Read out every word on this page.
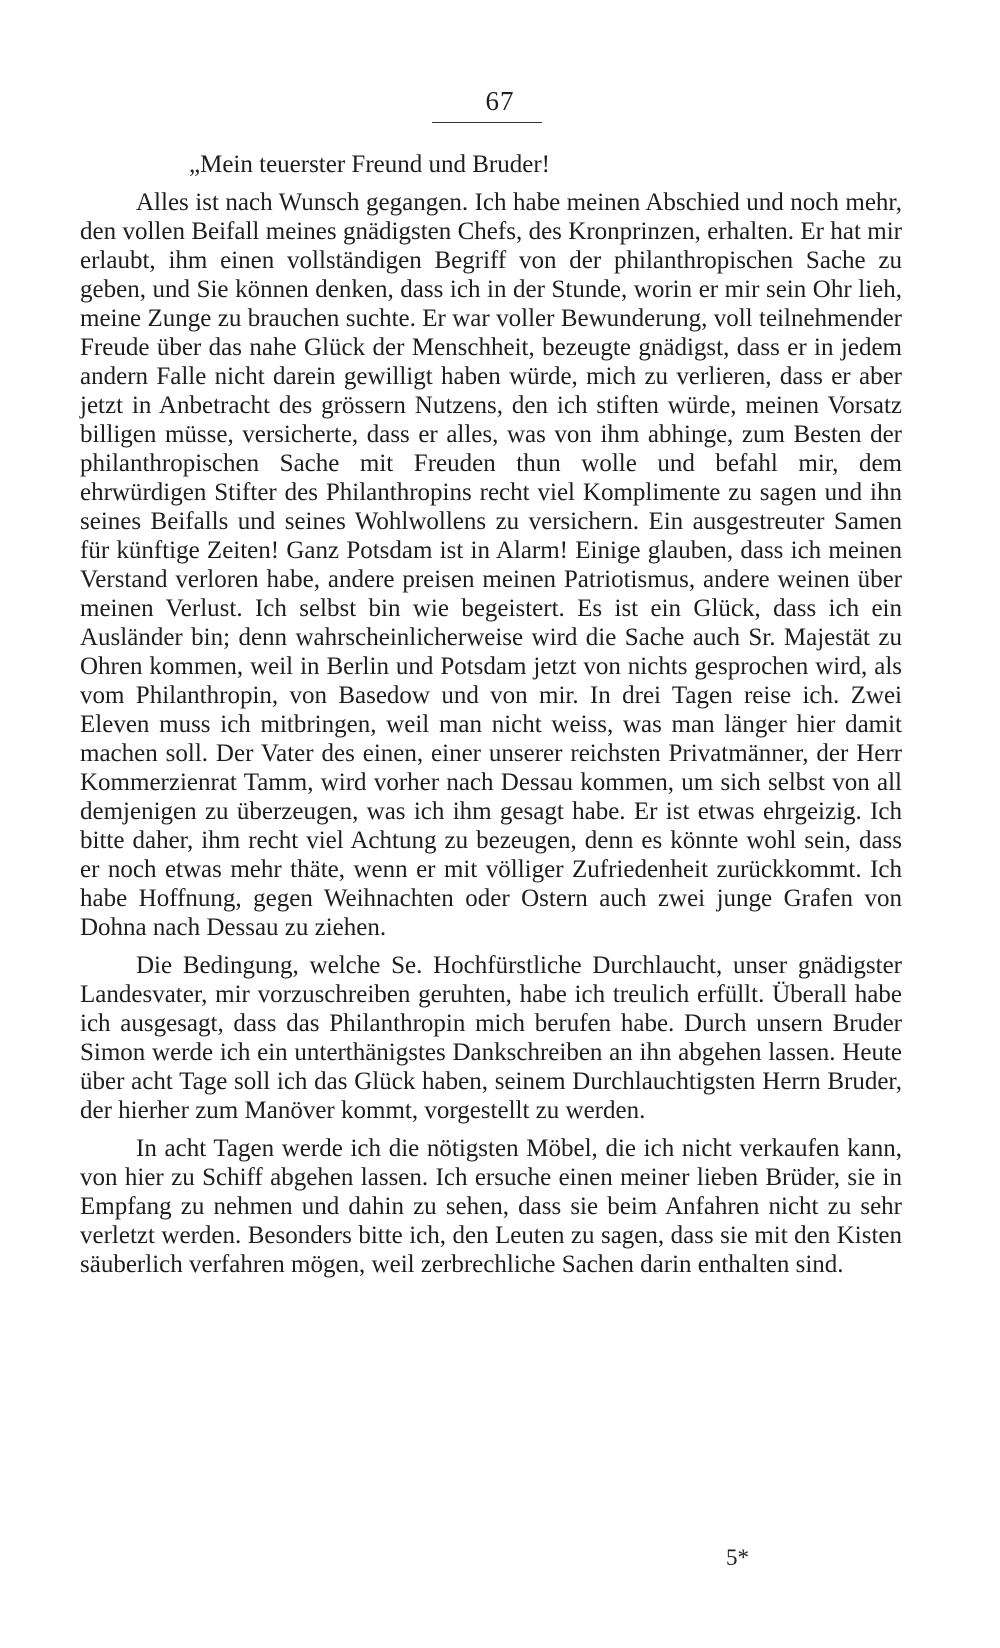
67

„Mein teuerster Freund und Bruder!

Alles ist nach Wunsch gegangen. Ich habe meinen Abschied und noch mehr, den vollen Beifall meines gnädigsten Chefs, des Kronprinzen, erhalten. Er hat mir erlaubt, ihm einen vollständigen Begriff von der philanthropischen Sache zu geben, und Sie können denken, dass ich in der Stunde, worin er mir sein Ohr lieh, meine Zunge zu brauchen suchte. Er war voller Bewunderung, voll teilnehmender Freude über das nahe Glück der Menschheit, bezeugte gnädigst, dass er in jedem andern Falle nicht darein gewilligt haben würde, mich zu verlieren, dass er aber jetzt in Anbetracht des grössern Nutzens, den ich stiften würde, meinen Vorsatz billigen müsse, versicherte, dass er alles, was von ihm abhinge, zum Besten der philanthropischen Sache mit Freuden thun wolle und befahl mir, dem ehrwürdigen Stifter des Philanthropins recht viel Komplimente zu sagen und ihn seines Beifalls und seines Wohlwollens zu versichern. Ein ausgestreuter Samen für künftige Zeiten! Ganz Potsdam ist in Alarm! Einige glauben, dass ich meinen Verstand verloren habe, andere preisen meinen Patriotismus, andere weinen über meinen Verlust. Ich selbst bin wie begeistert. Es ist ein Glück, dass ich ein Ausländer bin; denn wahrscheinlicherweise wird die Sache auch Sr. Majestät zu Ohren kommen, weil in Berlin und Potsdam jetzt von nichts gesprochen wird, als vom Philanthropin, von Basedow und von mir. In drei Tagen reise ich. Zwei Eleven muss ich mitbringen, weil man nicht weiss, was man länger hier damit machen soll. Der Vater des einen, einer unserer reichsten Privatmänner, der Herr Kommerzienrat Tamm, wird vorher nach Dessau kommen, um sich selbst von all demjenigen zu überzeugen, was ich ihm gesagt habe. Er ist etwas ehrgeizig. Ich bitte daher, ihm recht viel Achtung zu bezeugen, denn es könnte wohl sein, dass er noch etwas mehr thäte, wenn er mit völliger Zufriedenheit zurückkommt. Ich habe Hoffnung, gegen Weihnachten oder Ostern auch zwei junge Grafen von Dohna nach Dessau zu ziehen.

Die Bedingung, welche Se. Hochfürstliche Durchlaucht, unser gnädigster Landesvater, mir vorzuschreiben geruhten, habe ich treulich erfüllt. Überall habe ich ausgesagt, dass das Philanthropin mich berufen habe. Durch unsern Bruder Simon werde ich ein unterthänigstes Dankschreiben an ihn abgehen lassen. Heute über acht Tage soll ich das Glück haben, seinem Durchlauchtigsten Herrn Bruder, der hierher zum Manöver kommt, vorgestellt zu werden.

In acht Tagen werde ich die nötigsten Möbel, die ich nicht verkaufen kann, von hier zu Schiff abgehen lassen. Ich ersuche einen meiner lieben Brüder, sie in Empfang zu nehmen und dahin zu sehen, dass sie beim Anfahren nicht zu sehr verletzt werden. Besonders bitte ich, den Leuten zu sagen, dass sie mit den Kisten säuberlich verfahren mögen, weil zerbrechliche Sachen darin enthalten sind.

5*
